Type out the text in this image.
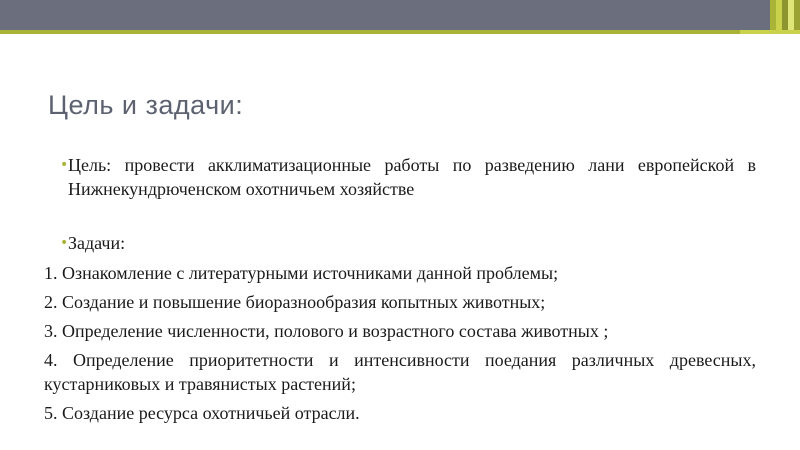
Цель и задачи:
•
Цель: провести акклиматизационные работы по разведению лани европейской в Нижнекундрюченском охотничьем хозяйстве
•
Задачи:
1. Ознакомление с литературными источниками данной проблемы;
2. Создание и повышение биоразнообразия копытных животных;
3. Определение численности, полового и возрастного состава животных ;
4. Определение приоритетности и интенсивности поедания различных древесных, кустарниковых и травянистых растений;
5. Создание ресурса охотничьей отрасли.
